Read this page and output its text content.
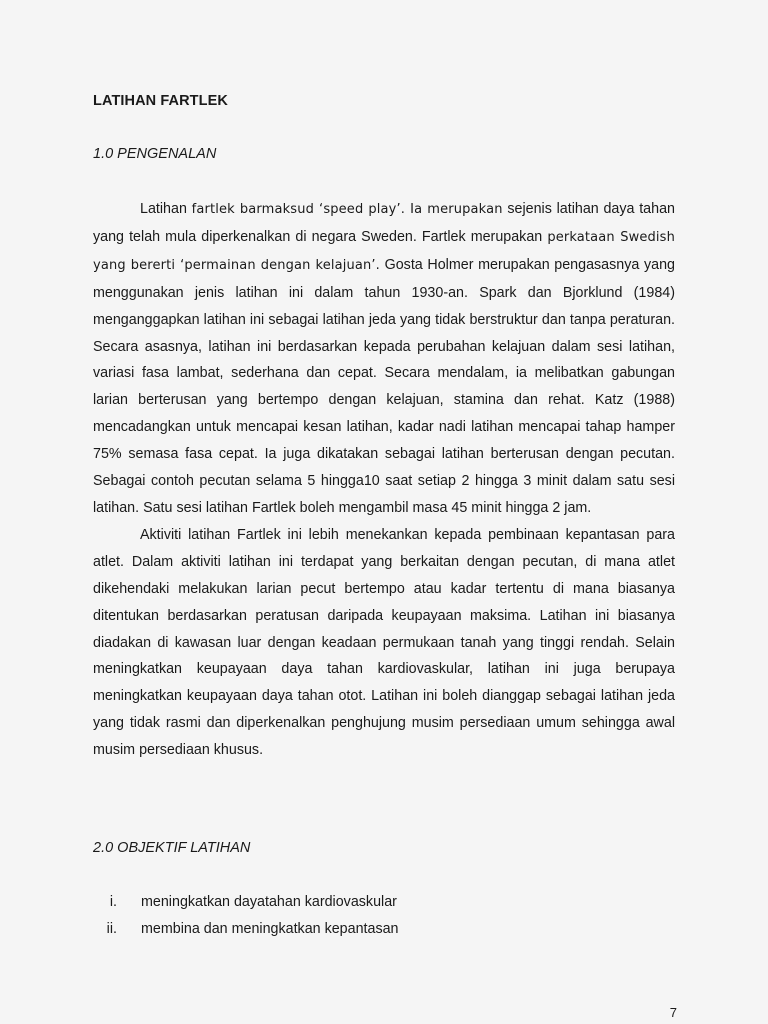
LATIHAN FARTLEK
1.0 PENGENALAN

Latihan fartlek barmaksud ‘speed play’. Ia merupakan sejenis latihan daya tahan yang telah mula diperkenalkan di negara Sweden. Fartlek merupakan perkataan Swedish yang bererti ‘permainan dengan kelajuan’. Gosta Holmer merupakan pengasasnya yang menggunakan jenis latihan ini dalam tahun 1930-an. Spark dan Bjorklund (1984) menganggapkan latihan ini sebagai latihan jeda yang tidak berstruktur dan tanpa peraturan. Secara asasnya, latihan ini berdasarkan kepada perubahan kelajuan dalam sesi latihan, variasi fasa lambat, sederhana dan cepat. Secara mendalam, ia melibatkan gabungan larian berterusan yang bertempo dengan kelajuan, stamina dan rehat. Katz (1988) mencadangkan untuk mencapai kesan latihan, kadar nadi latihan mencapai tahap hamper 75% semasa fasa cepat. Ia juga dikatakan sebagai latihan berterusan dengan pecutan. Sebagai contoh pecutan selama 5 hingga10 saat setiap 2 hingga 3 minit dalam satu sesi latihan. Satu sesi latihan Fartlek boleh mengambil masa 45 minit hingga 2 jam.

Aktiviti latihan Fartlek ini lebih menekankan kepada pembinaan kepantasan para atlet. Dalam aktiviti latihan ini terdapat yang berkaitan dengan pecutan, di mana atlet dikehendaki melakukan larian pecut bertempo atau kadar tertentu di mana biasanya ditentukan berdasarkan peratusan daripada keupayaan maksima. Latihan ini biasanya diadakan di kawasan luar dengan keadaan permukaan tanah yang tinggi rendah. Selain meningkatkan keupayaan daya tahan kardiovaskular, latihan ini juga berupaya meningkatkan keupayaan daya tahan otot. Latihan ini boleh dianggap sebagai latihan jeda yang tidak rasmi dan diperkenalkan penghujung musim persediaan umum sehingga awal musim persediaan khusus.

2.0 OBJEKTIF LATIHAN
i. meningkatkan dayatahan kardiovaskular
ii. membina dan meningkatkan kepantasan
7
